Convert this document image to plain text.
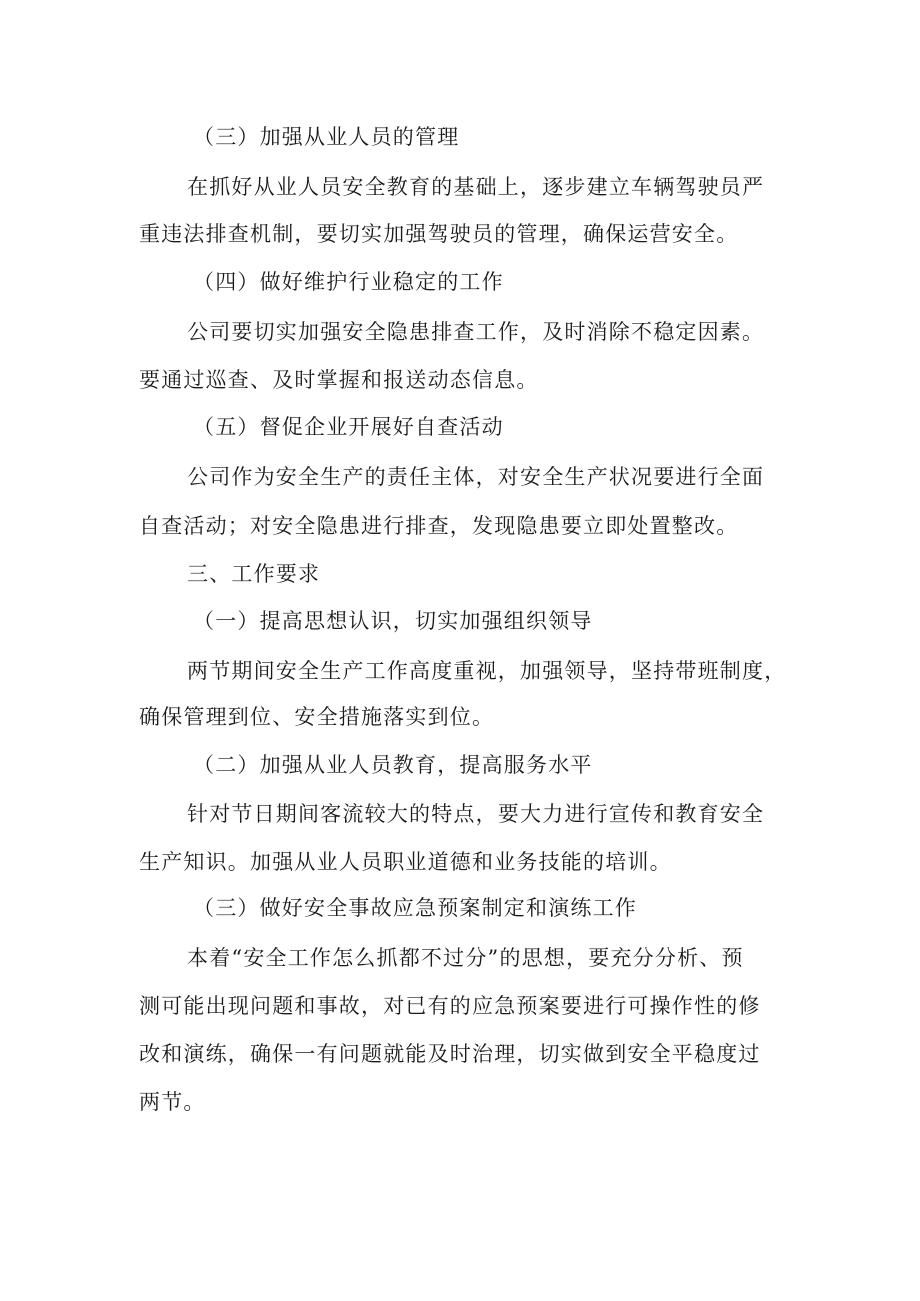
（三）加强从业人员的管理
在抓好从业人员安全教育的基础上，逐步建立车辆驾驶员严
重违法排查机制，要切实加强驾驶员的管理，确保运营安全。
（四）做好维护行业稳定的工作
公司要切实加强安全隐患排查工作，及时消除不稳定因素。
要通过巡查、及时掌握和报送动态信息。
（五）督促企业开展好自查活动
公司作为安全生产的责任主体，对安全生产状况要进行全面
自查活动；对安全隐患进行排查，发现隐患要立即处置整改。
三、工作要求
（一）提高思想认识，切实加强组织领导
两节期间安全生产工作高度重视，加强领导，坚持带班制度，
确保管理到位、安全措施落实到位。
（二）加强从业人员教育，提高服务水平
针对节日期间客流较大的特点，要大力进行宣传和教育安全
生产知识。加强从业人员职业道德和业务技能的培训。
（三）做好安全事故应急预案制定和演练工作
本着“安全工作怎么抓都不过分”的思想，要充分分析、预
测可能出现问题和事故，对已有的应急预案要进行可操作性的修
改和演练，确保一有问题就能及时治理，切实做到安全平稳度过
两节。
